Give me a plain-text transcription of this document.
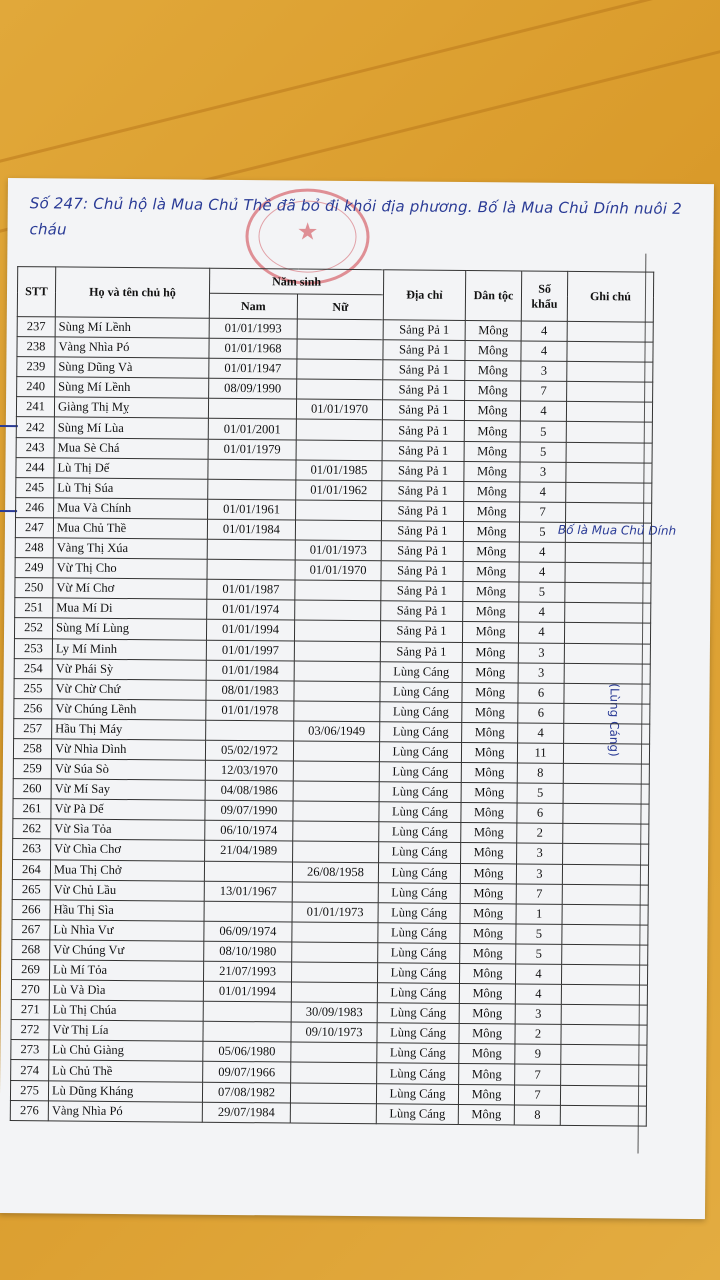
★
Số 247: Chủ hộ là Mua Chủ Thề đã bỏ đi khỏi địa phương. Bố là Mua Chủ Dính nuôi 2 cháu
Bố là Mua Chủ Dính
(Lùng Cáng)
STT	Họ và tên chủ hộ	Năm sinh		Địa chỉ	Dân tộc	Số khẩu	Ghi chú
		Nam	Nữ				
237	Sùng Mí Lềnh	01/01/1993		Sảng Pả 1	Mông	4	
238	Vàng Nhìa Pó	01/01/1968		Sảng Pả 1	Mông	4	
239	Sùng Dũng Và	01/01/1947		Sảng Pả 1	Mông	3	
240	Sùng Mí Lềnh	08/09/1990		Sảng Pả 1	Mông	7	
241	Giàng Thị Mỵ		01/01/1970	Sảng Pả 1	Mông	4	
242	Sùng Mí Lùa	01/01/2001		Sảng Pả 1	Mông	5	
243	Mua Sè Chá	01/01/1979		Sảng Pả 1	Mông	5	
244	Lù Thị Dế		01/01/1985	Sảng Pả 1	Mông	3	
245	Lù Thị Súa		01/01/1962	Sảng Pả 1	Mông	4	
246	Mua Và Chính	01/01/1961		Sảng Pả 1	Mông	7	
247	Mua Chủ Thề	01/01/1984		Sảng Pả 1	Mông	5	
248	Vàng Thị Xúa		01/01/1973	Sảng Pả 1	Mông	4	
249	Vừ Thị Cho		01/01/1970	Sảng Pả 1	Mông	4	
250	Vừ Mí Chơ	01/01/1987		Sảng Pả 1	Mông	5	
251	Mua Mí Di	01/01/1974		Sảng Pả 1	Mông	4	
252	Sùng Mí Lùng	01/01/1994		Sảng Pả 1	Mông	4	
253	Ly Mí Minh	01/01/1997		Sảng Pả 1	Mông	3	
254	Vừ Phái Sỳ	01/01/1984		Lùng Cáng	Mông	3	
255	Vừ Chừ Chứ	08/01/1983		Lùng Cáng	Mông	6	
256	Vừ Chúng Lềnh	01/01/1978		Lùng Cáng	Mông	6	
257	Hầu Thị Máy		03/06/1949	Lùng Cáng	Mông	4	
258	Vừ Nhìa Dình	05/02/1972		Lùng Cáng	Mông	11	
259	Vừ Súa Sò	12/03/1970		Lùng Cáng	Mông	8	
260	Vừ Mí Say	04/08/1986		Lùng Cáng	Mông	5	
261	Vừ Pà Dế	09/07/1990		Lùng Cáng	Mông	6	
262	Vừ Sìa Tỏa	06/10/1974		Lùng Cáng	Mông	2	
263	Vừ Chìa Chơ	21/04/1989		Lùng Cáng	Mông	3	
264	Mua Thị Chở		26/08/1958	Lùng Cáng	Mông	3	
265	Vừ Chủ Lầu	13/01/1967		Lùng Cáng	Mông	7	
266	Hầu Thị Sìa		01/01/1973	Lùng Cáng	Mông	1	
267	Lù Nhìa Vư	06/09/1974		Lùng Cáng	Mông	5	
268	Vừ Chúng Vư	08/10/1980		Lùng Cáng	Mông	5	
269	Lù Mí Tỏa	21/07/1993		Lùng Cáng	Mông	4	
270	Lù Và Dìa	01/01/1994		Lùng Cáng	Mông	4	
271	Lù Thị Chúa		30/09/1983	Lùng Cáng	Mông	3	
272	Vừ Thị Lía		09/10/1973	Lùng Cáng	Mông	2	
273	Lù Chủ Giàng	05/06/1980		Lùng Cáng	Mông	9	
274	Lù Chủ Thề	09/07/1966		Lùng Cáng	Mông	7	
275	Lù Dũng Kháng	07/08/1982		Lùng Cáng	Mông	7	
276	Vàng Nhìa Pó	29/07/1984		Lùng Cáng	Mông	8	
